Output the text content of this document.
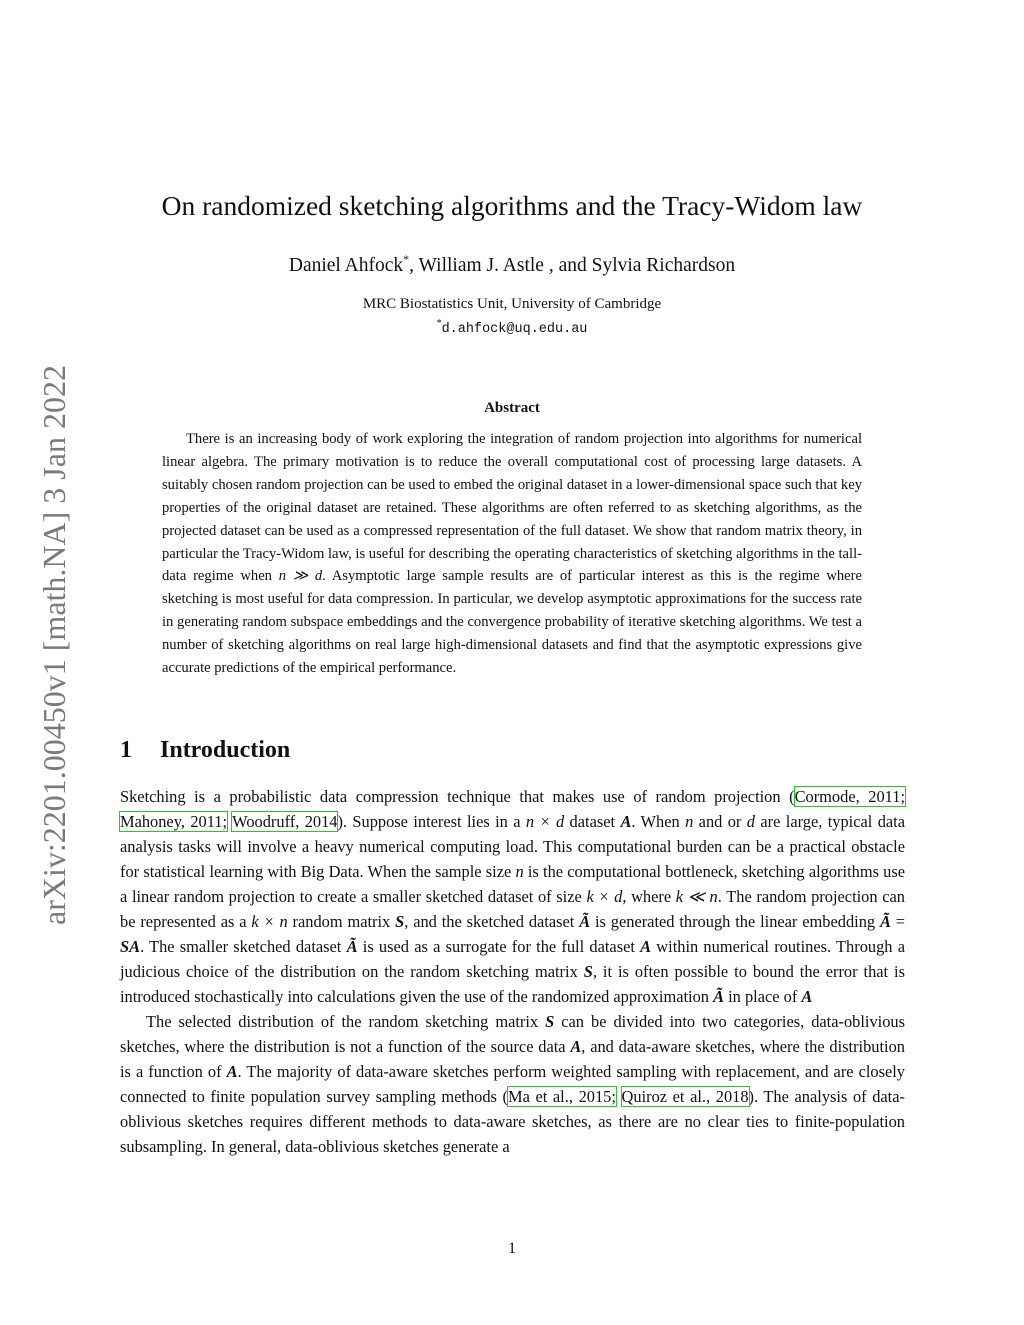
arXiv:2201.00450v1 [math.NA] 3 Jan 2022
On randomized sketching algorithms and the Tracy-Widom law
Daniel Ahfock*, William J. Astle , and Sylvia Richardson
MRC Biostatistics Unit, University of Cambridge
*d.ahfock@uq.edu.au
Abstract
There is an increasing body of work exploring the integration of random projection into algorithms for numerical linear algebra. The primary motivation is to reduce the overall computational cost of processing large datasets. A suitably chosen random projection can be used to embed the original dataset in a lower-dimensional space such that key properties of the original dataset are retained. These algorithms are often referred to as sketching algorithms, as the projected dataset can be used as a compressed representation of the full dataset. We show that random matrix theory, in particular the Tracy-Widom law, is useful for describing the operating characteristics of sketching algorithms in the tall-data regime when n ≫ d. Asymptotic large sample results are of particular interest as this is the regime where sketching is most useful for data compression. In particular, we develop asymptotic approximations for the success rate in generating random subspace embeddings and the convergence probability of iterative sketching algorithms. We test a number of sketching algorithms on real large high-dimensional datasets and find that the asymptotic expressions give accurate predictions of the empirical performance.
1 Introduction

Sketching is a probabilistic data compression technique that makes use of random projection (Cormode, 2011; Mahoney, 2011; Woodruff, 2014). Suppose interest lies in a n × d dataset A. When n and or d are large, typical data analysis tasks will involve a heavy numerical computing load. This computational burden can be a practical obstacle for statistical learning with Big Data. When the sample size n is the computational bottleneck, sketching algorithms use a linear random projection to create a smaller sketched dataset of size k × d, where k ≪ n. The random projection can be represented as a k × n random matrix S, and the sketched dataset Ã is generated through the linear embedding Ã = SA. The smaller sketched dataset Ã is used as a surrogate for the full dataset A within numerical routines. Through a judicious choice of the distribution on the random sketching matrix S, it is often possible to bound the error that is introduced stochastically into calculations given the use of the randomized approximation Ã in place of A

The selected distribution of the random sketching matrix S can be divided into two categories, data-oblivious sketches, where the distribution is not a function of the source data A, and data-aware sketches, where the distribution is a function of A. The majority of data-aware sketches perform weighted sampling with replacement, and are closely connected to finite population survey sampling methods (Ma et al., 2015; Quiroz et al., 2018). The analysis of data-oblivious sketches requires different methods to data-aware sketches, as there are no clear ties to finite-population subsampling. In general, data-oblivious sketches generate a

1
